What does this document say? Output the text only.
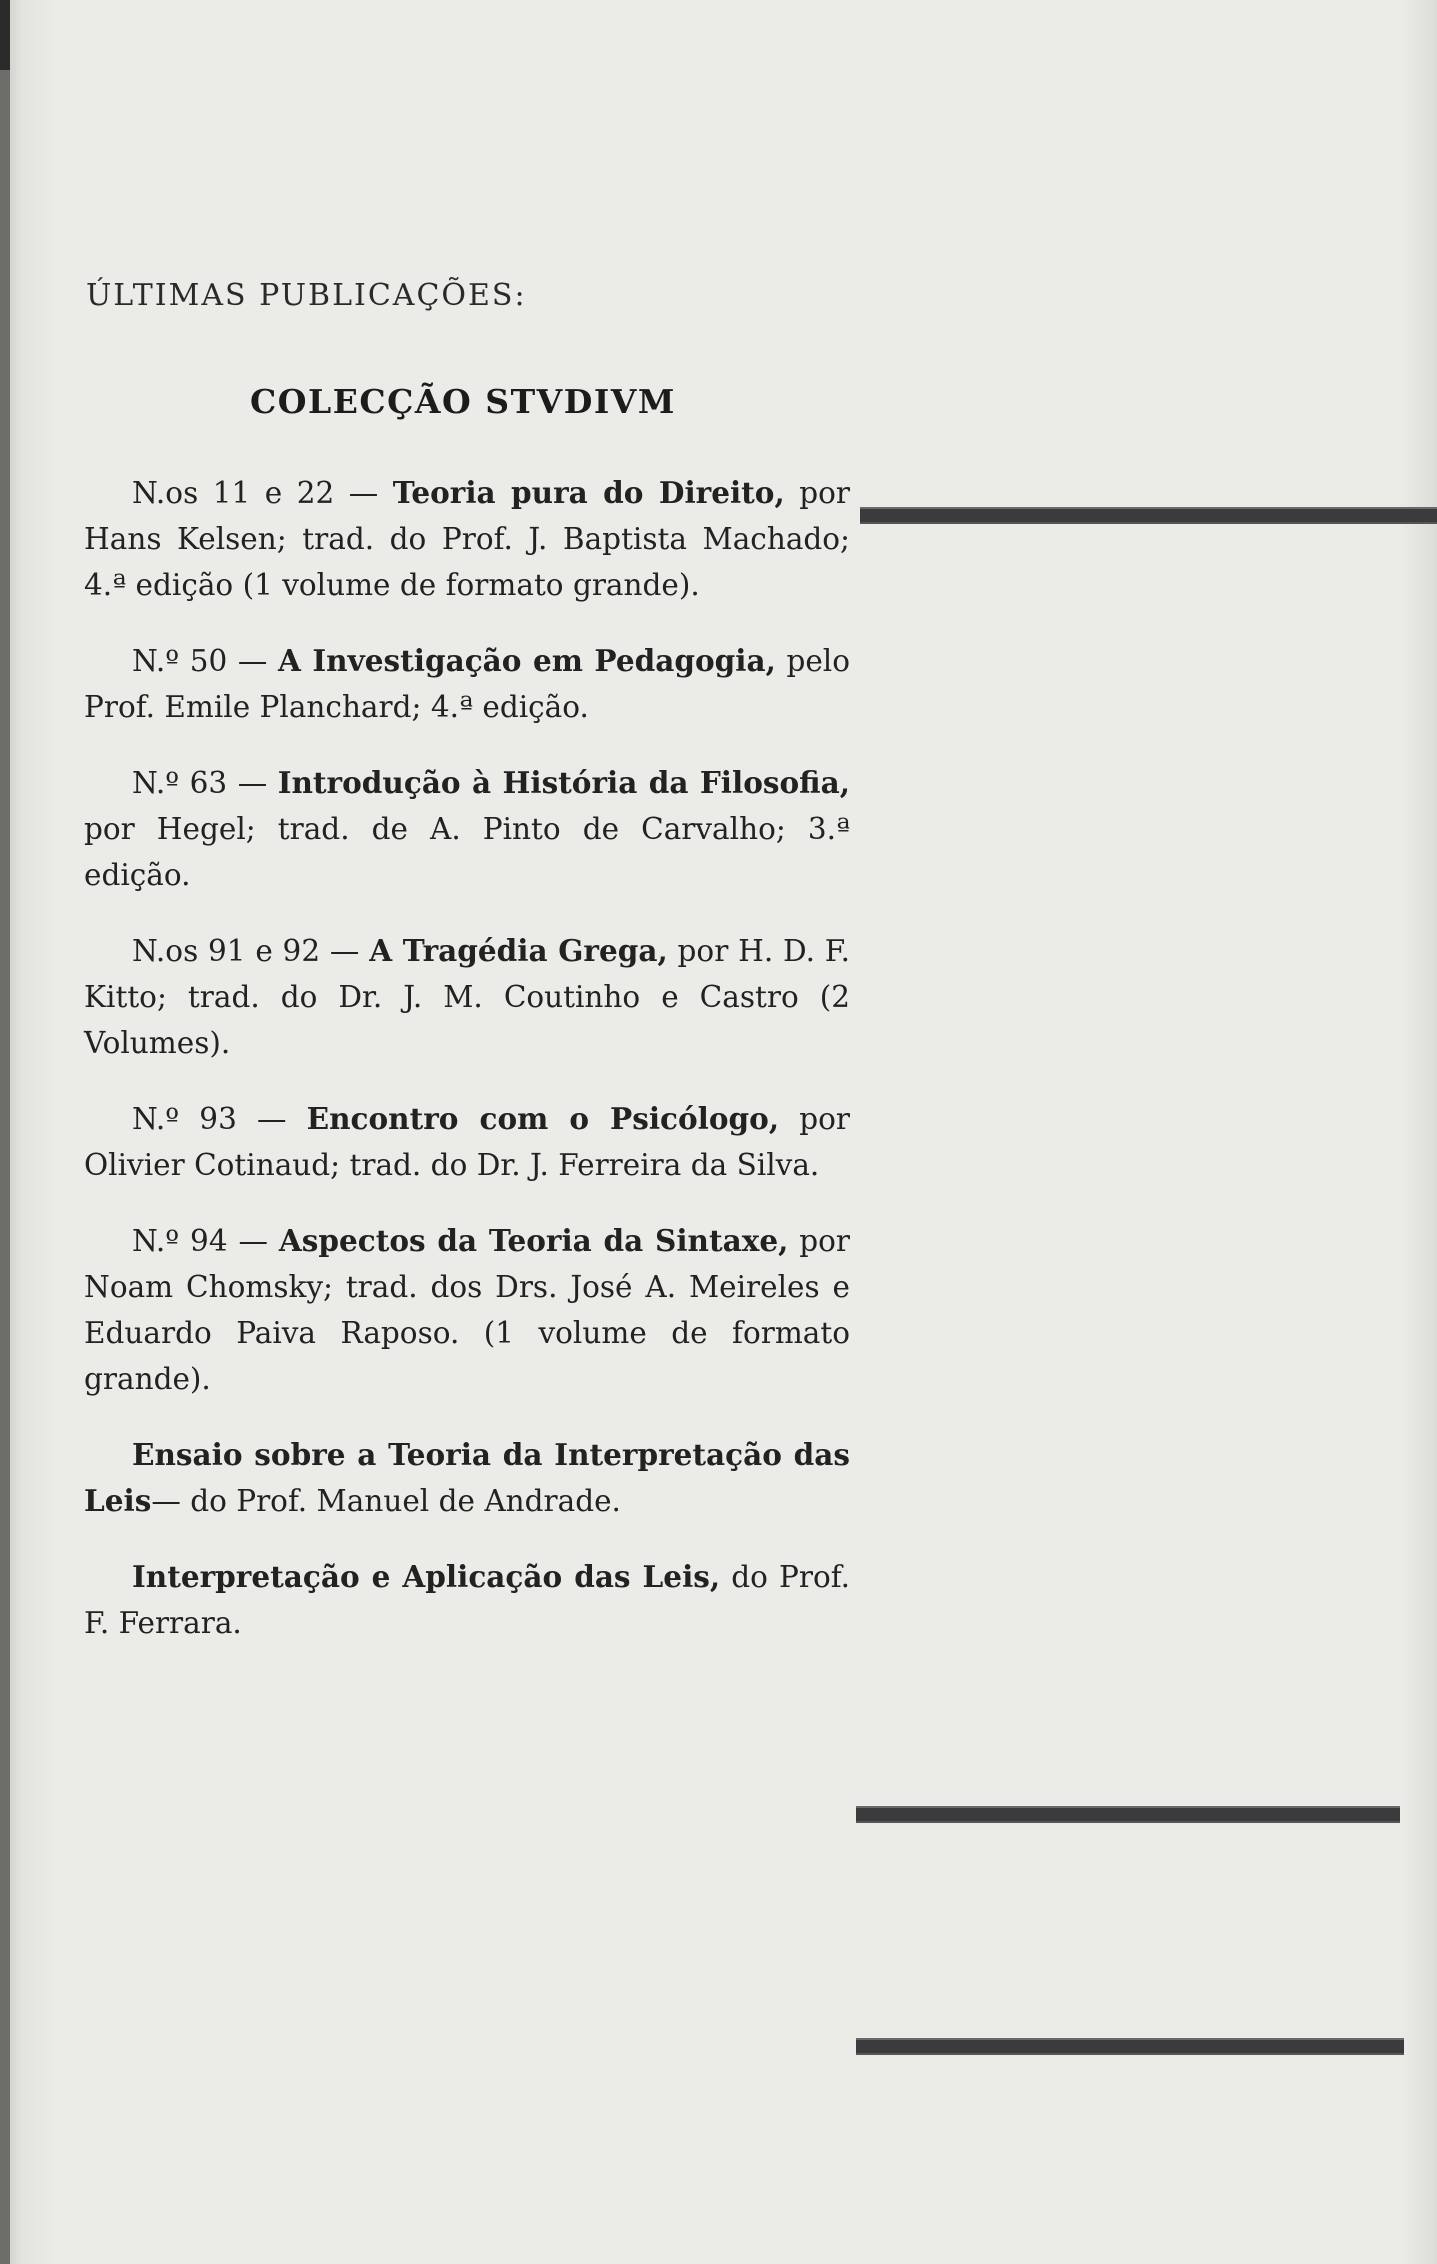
ÚLTIMAS PUBLICAÇÕES:
COLECÇÃO STVDIVM

N.os 11 e 22 — Teoria pura do Direito, por Hans Kelsen; trad. do Prof. J. Baptista Machado; 4.ª edição (1 volume de formato grande).

N.º 50 — A Investigação em Pedagogia, pelo Prof. Emile Planchard; 4.ª edição.

N.º 63 — Introdução à História da Filosofia, por Hegel; trad. de A. Pinto de Carvalho; 3.ª edição.

N.os 91 e 92 — A Tragédia Grega, por H. D. F. Kitto; trad. do Dr. J. M. Coutinho e Castro (2 Volumes).

N.º 93 — Encontro com o Psicólogo, por Olivier Cotinaud; trad. do Dr. J. Ferreira da Silva.

N.º 94 — Aspectos da Teoria da Sintaxe, por Noam Chomsky; trad. dos Drs. José A. Meireles e Eduardo Paiva Raposo. (1 volume de formato grande).

Ensaio sobre a Teoria da Interpretação das Leis— do Prof. Manuel de Andrade.

Interpretação e Aplicação das Leis, do Prof. F. Ferrara.
